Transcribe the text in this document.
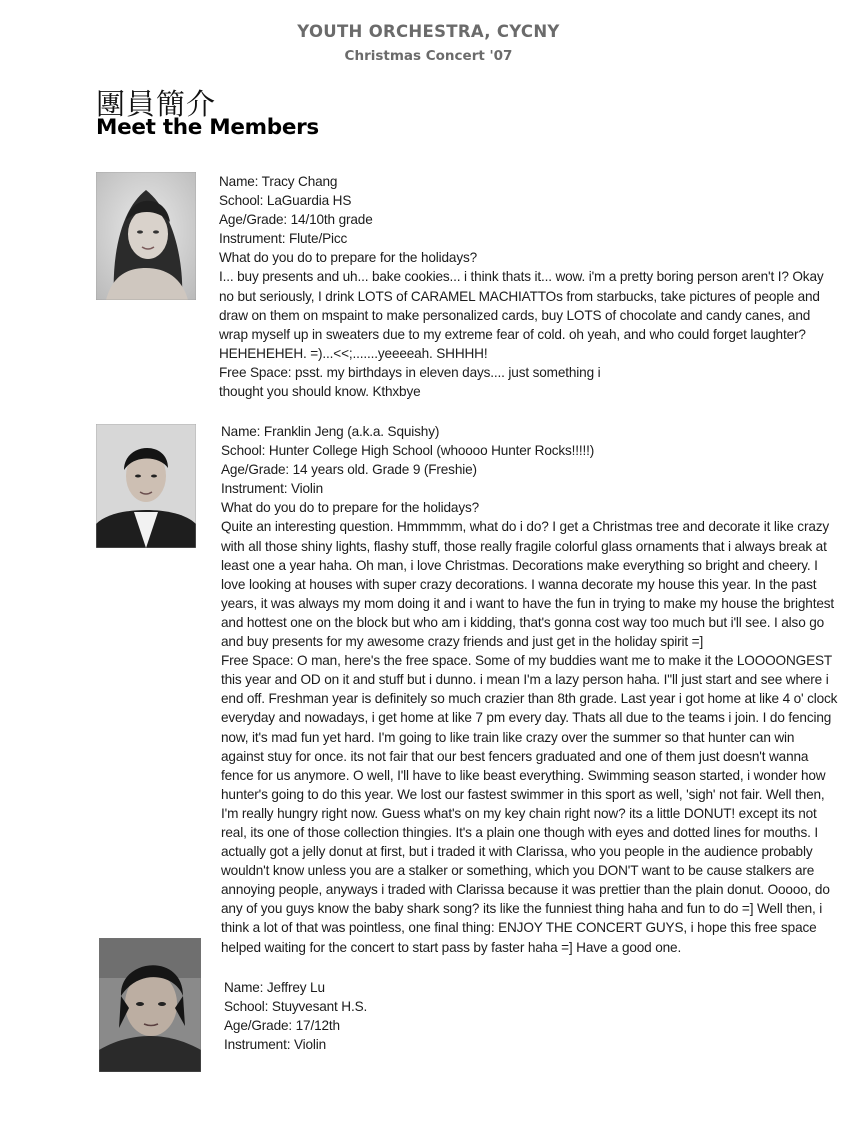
YOUTH ORCHESTRA, CYCNY
Christmas Concert '07
團員簡介
Meet the Members
Name: Tracy Chang
School: LaGuardia HS
Age/Grade: 14/10th grade
Instrument: Flute/Picc
What do you do to prepare for the holidays?
I... buy presents and uh... bake cookies... i think thats it... wow. i'm a pretty boring person aren't I? Okay
no but seriously, I drink LOTS of CARAMEL MACHIATTOs from starbucks, take pictures of people and
draw on them on mspaint to make personalized cards, buy LOTS of chocolate and candy canes, and
wrap myself up in sweaters due to my extreme fear of cold. oh yeah, and who could forget laughter?
HEHEHEHEH. =)...<<;.......yeeeeah. SHHHH!
Free Space: psst. my birthdays in eleven days.... just something i
thought you should know. Kthxbye
Name: Franklin Jeng (a.k.a. Squishy)
School: Hunter College High School (whoooo Hunter Rocks!!!!!)
Age/Grade: 14 years old. Grade 9 (Freshie)
Instrument: Violin
What do you do to prepare for the holidays?
Quite an interesting question. Hmmmmm, what do i do? I get a Christmas tree and decorate it like crazy
with all those shiny lights, flashy stuff, those really fragile colorful glass ornaments that i always break at
least one a year haha. Oh man, i love Christmas. Decorations make everything so bright and cheery. I
love looking at houses with super crazy decorations. I wanna decorate my house this year. In the past
years, it was always my mom doing it and i want to have the fun in trying to make my house the brightest
and hottest one on the block but who am i kidding, that's gonna cost way too much but i'll see. I also go
and buy presents for my awesome crazy friends and just get in the holiday spirit =]
Free Space: O man, here's the free space. Some of my buddies want me to make it the LOOOONGEST
this year and OD on it and stuff but i dunno. i mean I'm a lazy person haha. I"ll just start and see where i
end off. Freshman year is definitely so much crazier than 8th grade. Last year i got home at like 4 o' clock
everyday and nowadays, i get home at like 7 pm every day. Thats all due to the teams i join. I do fencing
now, it's mad fun yet hard. I'm going to like train like crazy over the summer so that hunter can win
against stuy for once. its not fair that our best fencers graduated and one of them just doesn't wanna
fence for us anymore. O well, I'll have to like beast everything. Swimming season started, i wonder how
hunter's going to do this year. We lost our fastest swimmer in this sport as well, 'sigh' not fair. Well then,
I'm really hungry right now. Guess what's on my key chain right now? its a little DONUT! except its not
real, its one of those collection thingies. It's a plain one though with eyes and dotted lines for mouths. I
actually got a jelly donut at first, but i traded it with Clarissa, who you people in the audience probably
wouldn't know unless you are a stalker or something, which you DON'T want to be cause stalkers are
annoying people, anyways i traded with Clarissa because it was prettier than the plain donut. Ooooo, do
any of you guys know the baby shark song? its like the funniest thing haha and fun to do =] Well then, i
think a lot of that was pointless, one final thing: ENJOY THE CONCERT GUYS, i hope this free space
helped waiting for the concert to start pass by faster haha =] Have a good one.
Name: Jeffrey Lu
School: Stuyvesant H.S.
Age/Grade: 17/12th
Instrument: Violin
